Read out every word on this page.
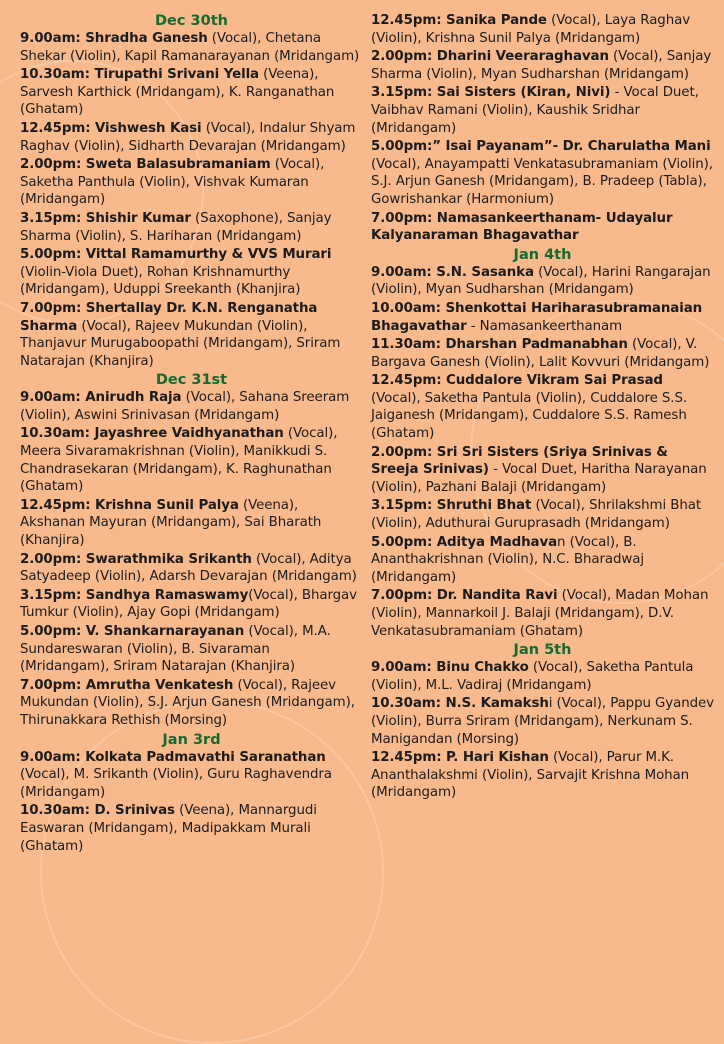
Dec 30th
9.00am: Shradha Ganesh (Vocal), Chetana Shekar (Violin), Kapil Ramanarayanan (Mridangam)
10.30am: Tirupathi Srivani Yella (Veena), Sarvesh Karthick (Mridangam), K. Ranganathan (Ghatam)
12.45pm: Vishwesh Kasi (Vocal), Indalur Shyam Raghav (Violin), Sidharth Devarajan (Mridangam)
2.00pm: Sweta Balasubramaniam (Vocal), Saketha Panthula (Violin), Vishvak Kumaran (Mridangam)
3.15pm: Shishir Kumar (Saxophone), Sanjay Sharma (Violin), S. Hariharan (Mridangam)
5.00pm: Vittal Ramamurthy & VVS Murari (Violin-Viola Duet), Rohan Krishnamurthy (Mridangam), Uduppi Sreekanth (Khanjira)
7.00pm: Shertallay Dr. K.N. Renganatha Sharma (Vocal), Rajeev Mukundan (Violin), Thanjavur Murugaboopathi (Mridangam), Sriram Natarajan (Khanjira)
Dec 31st
9.00am: Anirudh Raja (Vocal), Sahana Sreeram (Violin), Aswini Srinivasan (Mridangam)
10.30am: Jayashree Vaidhyanathan (Vocal), Meera Sivaramakrishnan (Violin), Manikkudi S. Chandrasekaran (Mridangam), K. Raghunathan (Ghatam)
12.45pm: Krishna Sunil Palya (Veena), Akshanan Mayuran (Mridangam), Sai Bharath (Khanjira)
2.00pm: Swarathmika Srikanth (Vocal), Aditya Satyadeep (Violin), Adarsh Devarajan (Mridangam)
3.15pm: Sandhya Ramaswamy(Vocal), Bhargav Tumkur (Violin), Ajay Gopi (Mridangam)
5.00pm: V. Shankarnarayanan (Vocal), M.A. Sundareswaran (Violin), B. Sivaraman (Mridangam), Sriram Natarajan (Khanjira)
7.00pm: Amrutha Venkatesh (Vocal), Rajeev Mukundan (Violin), S.J. Arjun Ganesh (Mridangam), Thirunakkara Rethish (Morsing)
Jan 3rd
9.00am: Kolkata Padmavathi Saranathan (Vocal), M. Srikanth (Violin), Guru Raghavendra (Mridangam)
10.30am: D. Srinivas (Veena), Mannargudi Easwaran (Mridangam), Madipakkam Murali (Ghatam)
12.45pm: Sanika Pande (Vocal), Laya Raghav (Violin), Krishna Sunil Palya (Mridangam)
2.00pm: Dharini Veeraraghavan (Vocal), Sanjay Sharma (Violin), Myan Sudharshan (Mridangam)
3.15pm: Sai Sisters (Kiran, Nivi) - Vocal Duet, Vaibhav Ramani (Violin), Kaushik Sridhar (Mridangam)
5.00pm:” Isai Payanam”- Dr. Charulatha Mani (Vocal), Anayampatti Venkatasubramaniam (Violin), S.J. Arjun Ganesh (Mridangam), B. Pradeep (Tabla), Gowrishankar (Harmonium)
7.00pm: Namasankeerthanam- Udayalur Kalyanaraman Bhagavathar
Jan 4th
9.00am: S.N. Sasanka (Vocal), Harini Rangarajan (Violin), Myan Sudharshan (Mridangam)
10.00am: Shenkottai Hariharasubramanaian Bhagavathar - Namasankeerthanam
11.30am: Dharshan Padmanabhan (Vocal), V. Bargava Ganesh (Violin), Lalit Kovvuri (Mridangam)
12.45pm: Cuddalore Vikram Sai Prasad (Vocal), Saketha Pantula (Violin), Cuddalore S.S. Jaiganesh (Mridangam), Cuddalore S.S. Ramesh (Ghatam)
2.00pm: Sri Sri Sisters (Sriya Srinivas & Sreeja Srinivas) - Vocal Duet, Haritha Narayanan (Violin), Pazhani Balaji (Mridangam)
3.15pm: Shruthi Bhat (Vocal), Shrilakshmi Bhat (Violin), Aduthurai Guruprasadh (Mridangam)
5.00pm: Aditya Madhavan (Vocal), B. Ananthakrishnan (Violin), N.C. Bharadwaj (Mridangam)
7.00pm: Dr. Nandita Ravi (Vocal), Madan Mohan (Violin), Mannarkoil J. Balaji (Mridangam), D.V. Venkatasubramaniam (Ghatam)
Jan 5th
9.00am: Binu Chakko (Vocal), Saketha Pantula (Violin), M.L. Vadiraj (Mridangam)
10.30am: N.S. Kamakshi (Vocal), Pappu Gyandev (Violin), Burra Sriram (Mridangam), Nerkunam S. Manigandan (Morsing)
12.45pm: P. Hari Kishan (Vocal), Parur M.K. Ananthalakshmi (Violin), Sarvajit Krishna Mohan (Mridangam)
